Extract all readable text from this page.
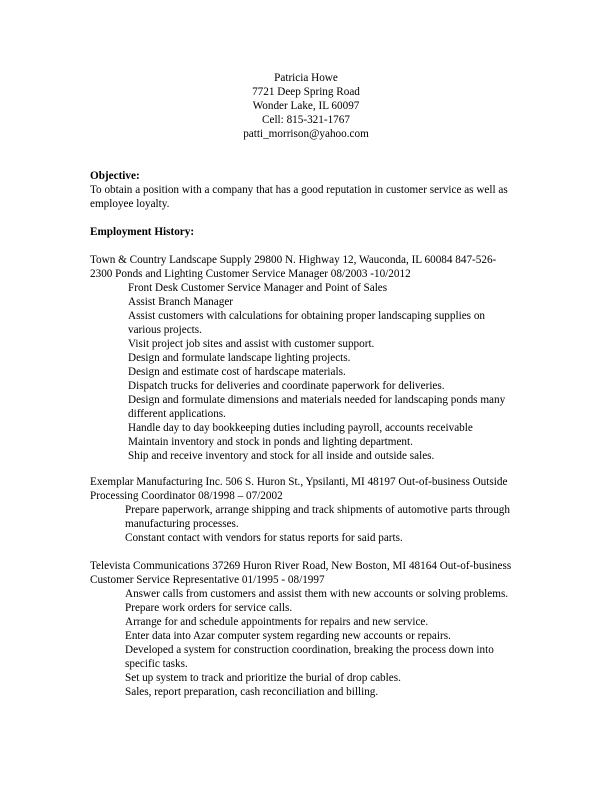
Patricia Howe
7721 Deep Spring Road
Wonder Lake, IL 60097
Cell: 815-321-1767
patti_morrison@yahoo.com
Objective:
To obtain a position with a company that has a good reputation in customer service as well as employee loyalty.
Employment History:
Town & Country Landscape Supply 29800 N. Highway 12, Wauconda, IL 60084 847-526-2300 Ponds and Lighting Customer Service Manager 08/2003 -10/2012
Front Desk Customer Service Manager and Point of Sales
Assist Branch Manager
Assist customers with calculations for obtaining proper landscaping supplies on various projects.
Visit project job sites and assist with customer support.
Design and formulate landscape lighting projects.
Design and estimate cost of hardscape materials.
Dispatch trucks for deliveries and coordinate paperwork for deliveries.
Design and formulate dimensions and materials needed for landscaping ponds many different applications.
Handle day to day bookkeeping duties including payroll, accounts receivable
Maintain inventory and stock in ponds and lighting department.
Ship and receive inventory and stock for all inside and outside sales.
Exemplar Manufacturing Inc. 506 S. Huron St., Ypsilanti, MI 48197 Out-of-business Outside Processing Coordinator 08/1998 – 07/2002
Prepare paperwork, arrange shipping and track shipments of automotive parts through manufacturing processes.
Constant contact with vendors for status reports for said parts.
Televista Communications 37269 Huron River Road, New Boston, MI 48164 Out-of-business Customer Service Representative 01/1995 - 08/1997
Answer calls from customers and assist them with new accounts or solving problems.
Prepare work orders for service calls.
Arrange for and schedule appointments for repairs and new service.
Enter data into Azar computer system regarding new accounts or repairs.
Developed a system for construction coordination, breaking the process down into specific tasks.
Set up system to track and prioritize the burial of drop cables.
Sales, report preparation, cash reconciliation and billing.
